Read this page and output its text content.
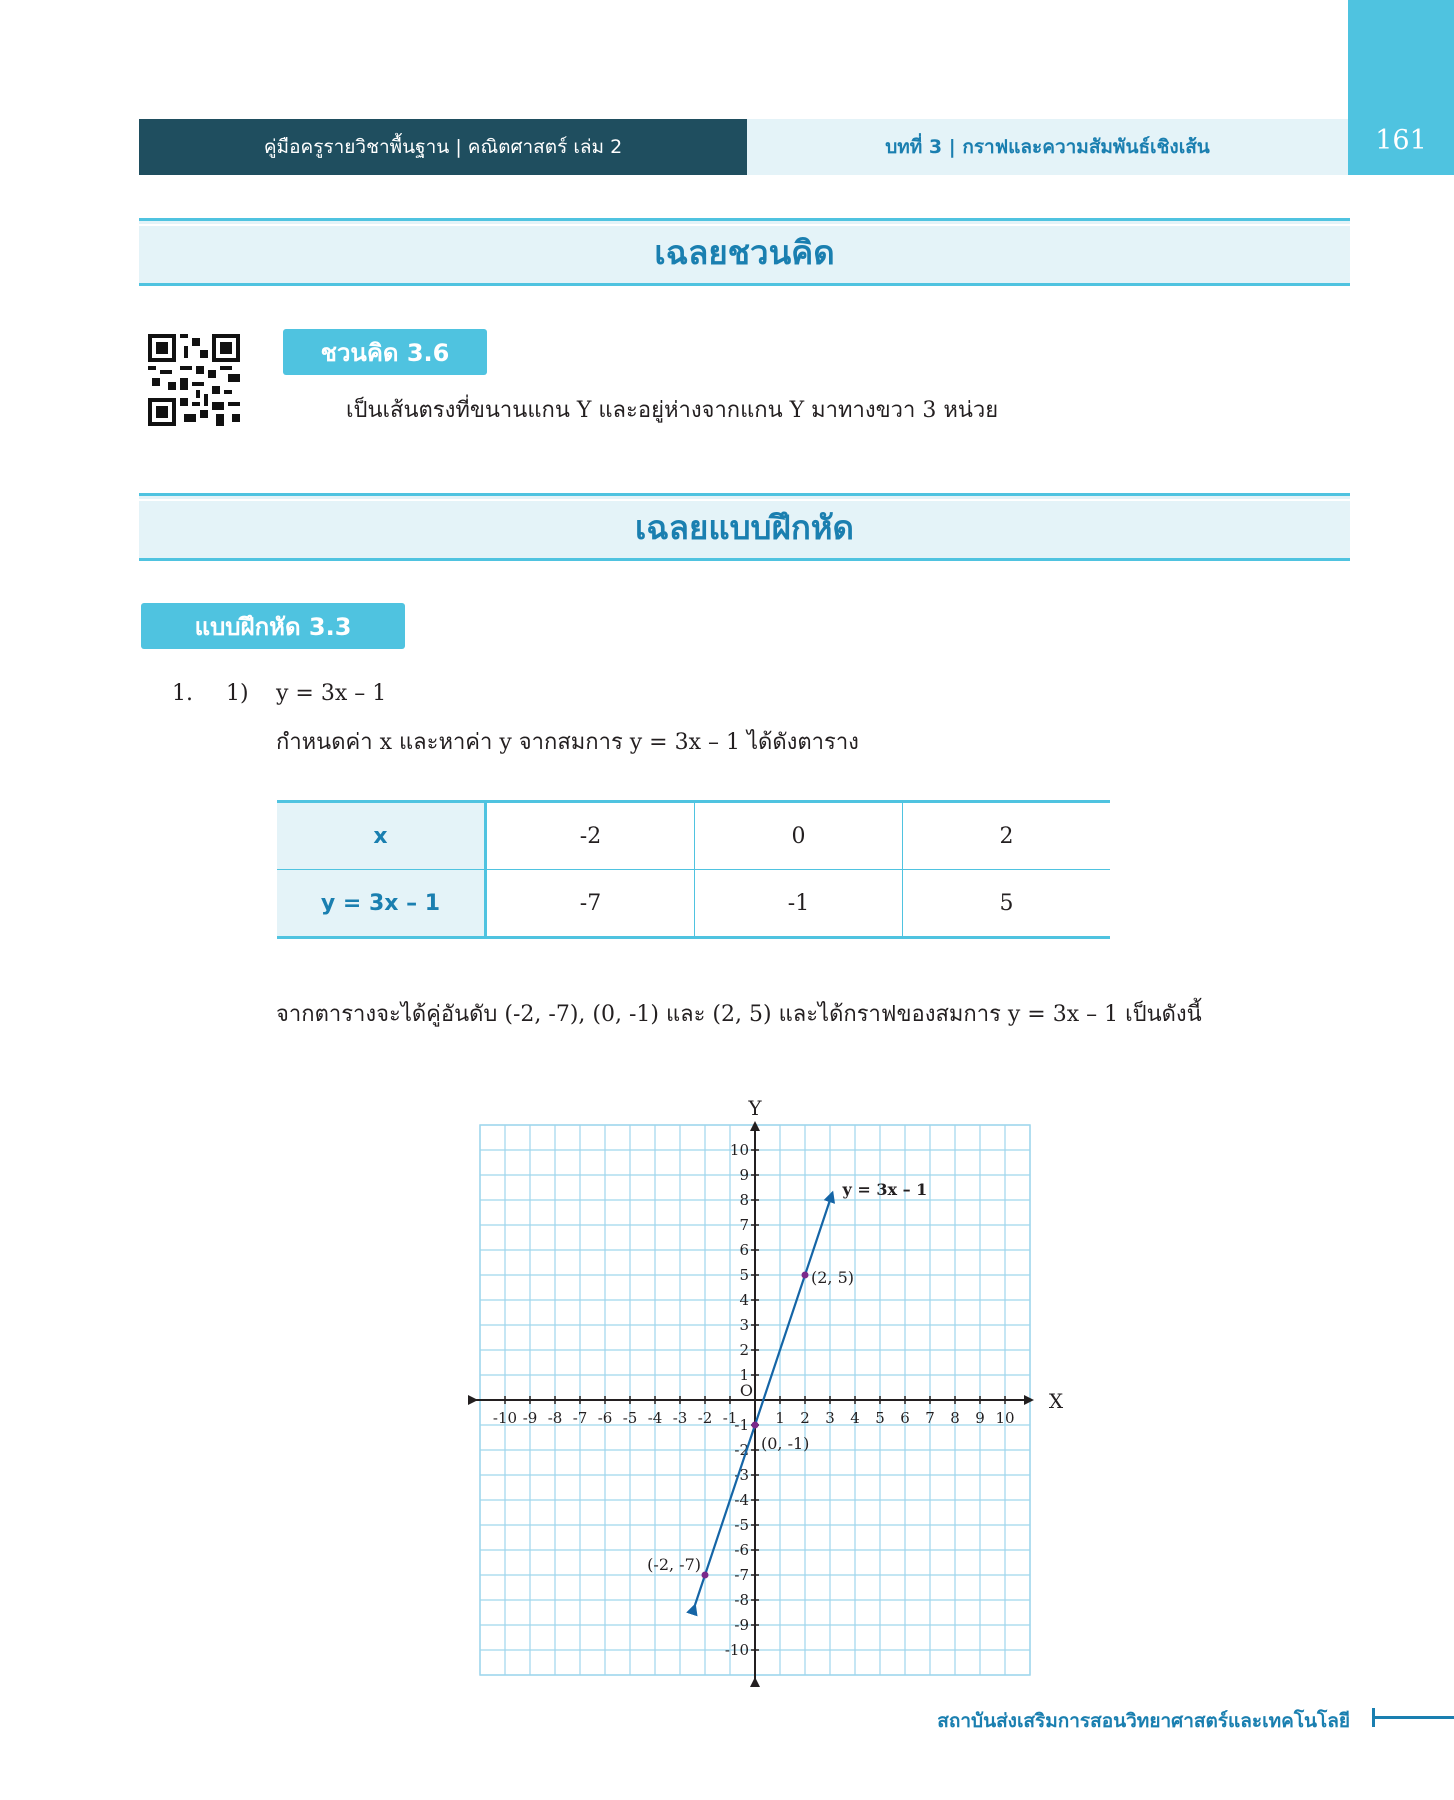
คู่มือครูรายวิชาพื้นฐาน | คณิตศาสตร์ เล่ม 2	บทที่ 3 | กราฟและความสัมพันธ์เชิงเส้น	161
เฉลยชวนคิด
ชวนคิด 3.6
เป็นเส้นตรงที่ขนานแกน Y และอยู่ห่างจากแกน Y มาทางขวา 3 หน่วย
เฉลยแบบฝึกหัด
แบบฝึกหัด 3.3
1. 1) y = 3x – 1
กำหนดค่า x และหาค่า y จากสมการ y = 3x – 1 ได้ดังตาราง
x	-2	0	2
y = 3x – 1	-7	-1	5
จากตารางจะได้คู่อันดับ (-2, -7), (0, -1) และ (2, 5) และได้กราฟของสมการ y = 3x – 1 เป็นดังนี้
-10 -9 -8 -7 -6 -5 -4 -3 -2 -1	1 2 3 4 5 6 7 8 9 10
10
9
8
7
6
5
4
3
2
1
-1
-2
-3
-4
-5
-6
-7
-8
-9
-10
O	X
Y
y = 3x – 1
(-2, -7)
(0, -1)
(2, 5)
สถาบันส่งเสริมการสอนวิทยาศาสตร์และเทคโนโลยี
